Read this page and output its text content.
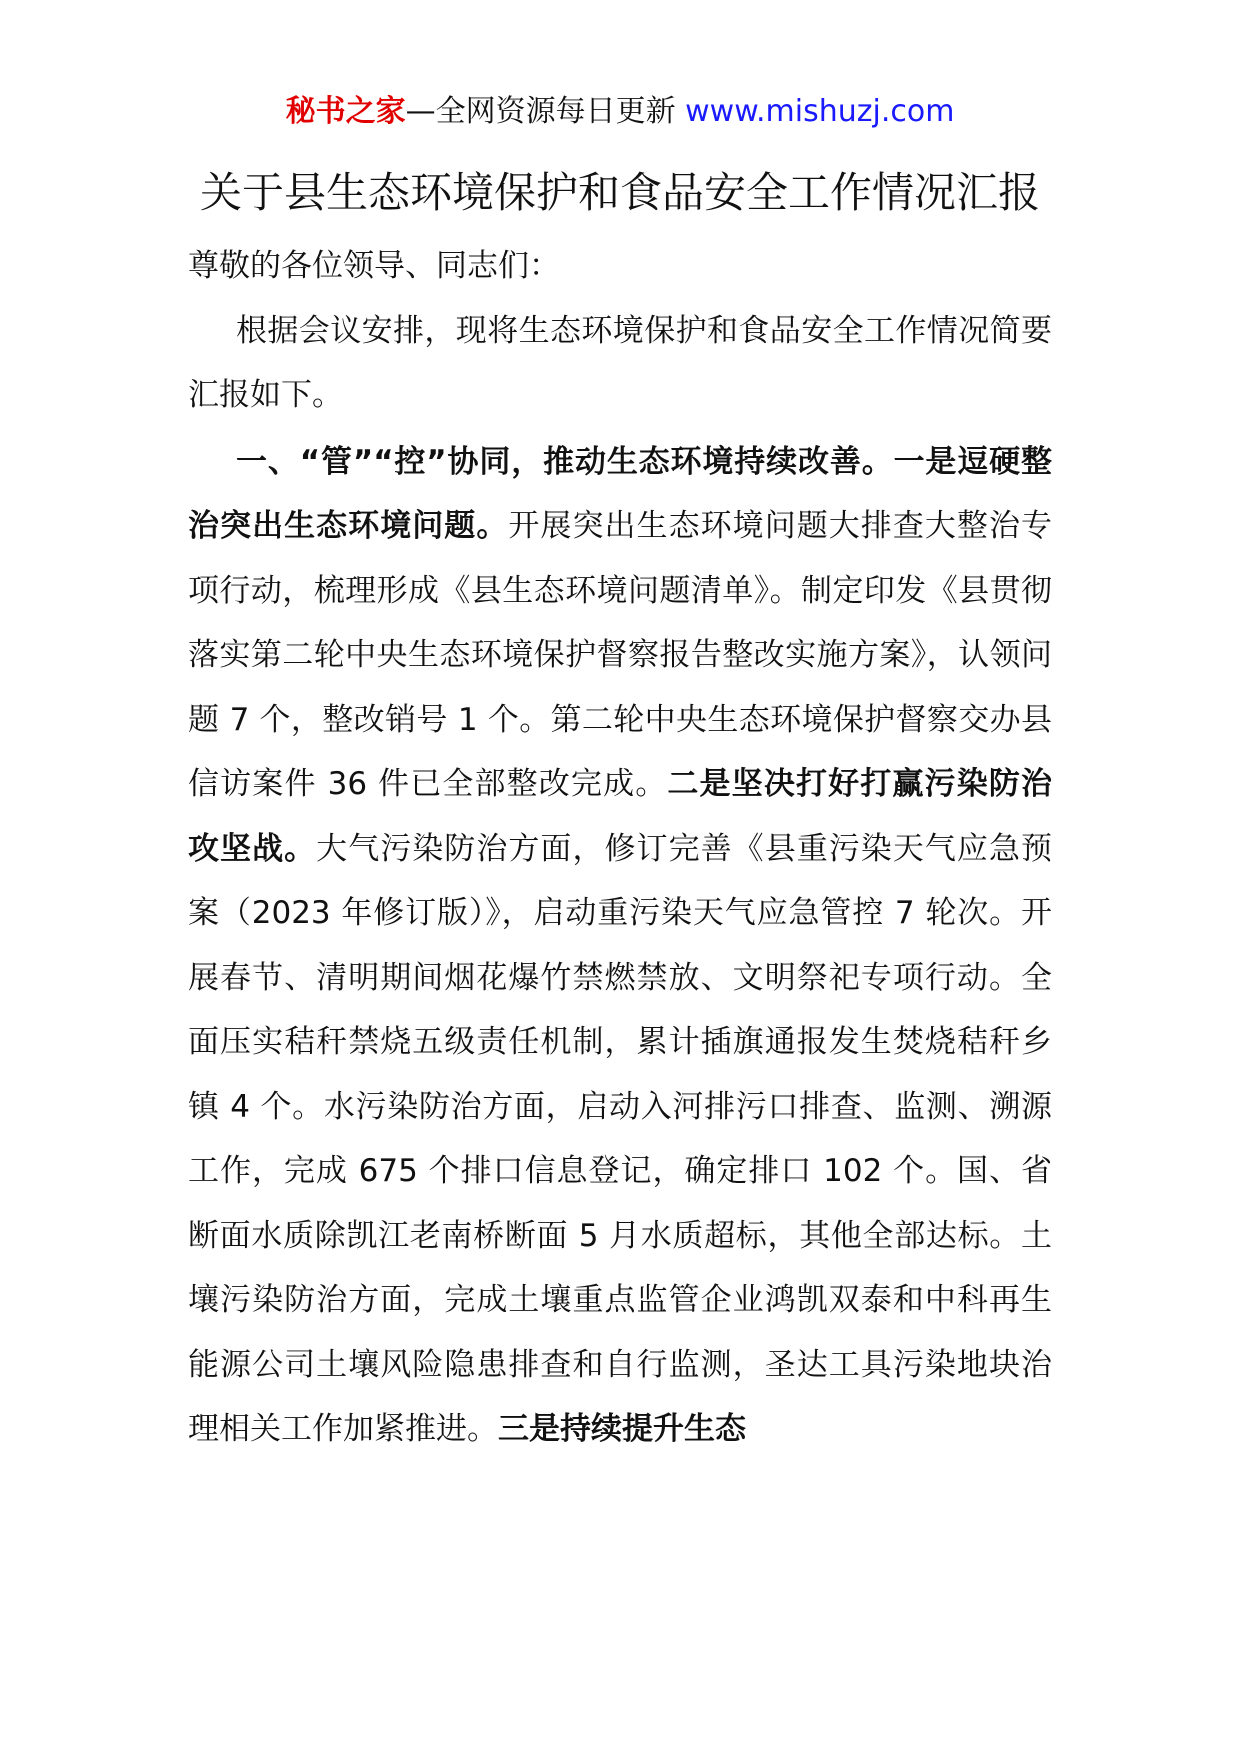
秘书之家—全网资源每日更新 www.mishuzj.com
关于县生态环境保护和食品安全工作情况汇报

尊敬的各位领导、同志们：

根据会议安排，现将生态环境保护和食品安全工作情况简要汇报如下。

一、“管”“控”协同，推动生态环境持续改善。一是逗硬整治突出生态环境问题。开展突出生态环境问题大排查大整治专项行动，梳理形成《县生态环境问题清单》。制定印发《县贯彻落实第二轮中央生态环境保护督察报告整改实施方案》，认领问题 7 个，整改销号 1 个。第二轮中央生态环境保护督察交办县信访案件 36 件已全部整改完成。二是坚决打好打赢污染防治攻坚战。大气污染防治方面，修订完善《县重污染天气应急预案（2023 年修订版）》，启动重污染天气应急管控 7 轮次。开展春节、清明期间烟花爆竹禁燃禁放、文明祭祀专项行动。全面压实秸秆禁烧五级责任机制，累计插旗通报发生焚烧秸秆乡镇 4 个。水污染防治方面，启动入河排污口排查、监测、溯源工作，完成 675 个排口信息登记，确定排口 102 个。国、省断面水质除凯江老南桥断面 5 月水质超标，其他全部达标。土壤污染防治方面，完成土壤重点监管企业鸿凯双泰和中科再生能源公司土壤风险隐患排查和自行监测，圣达工具污染地块治理相关工作加紧推进。三是持续提升生态
